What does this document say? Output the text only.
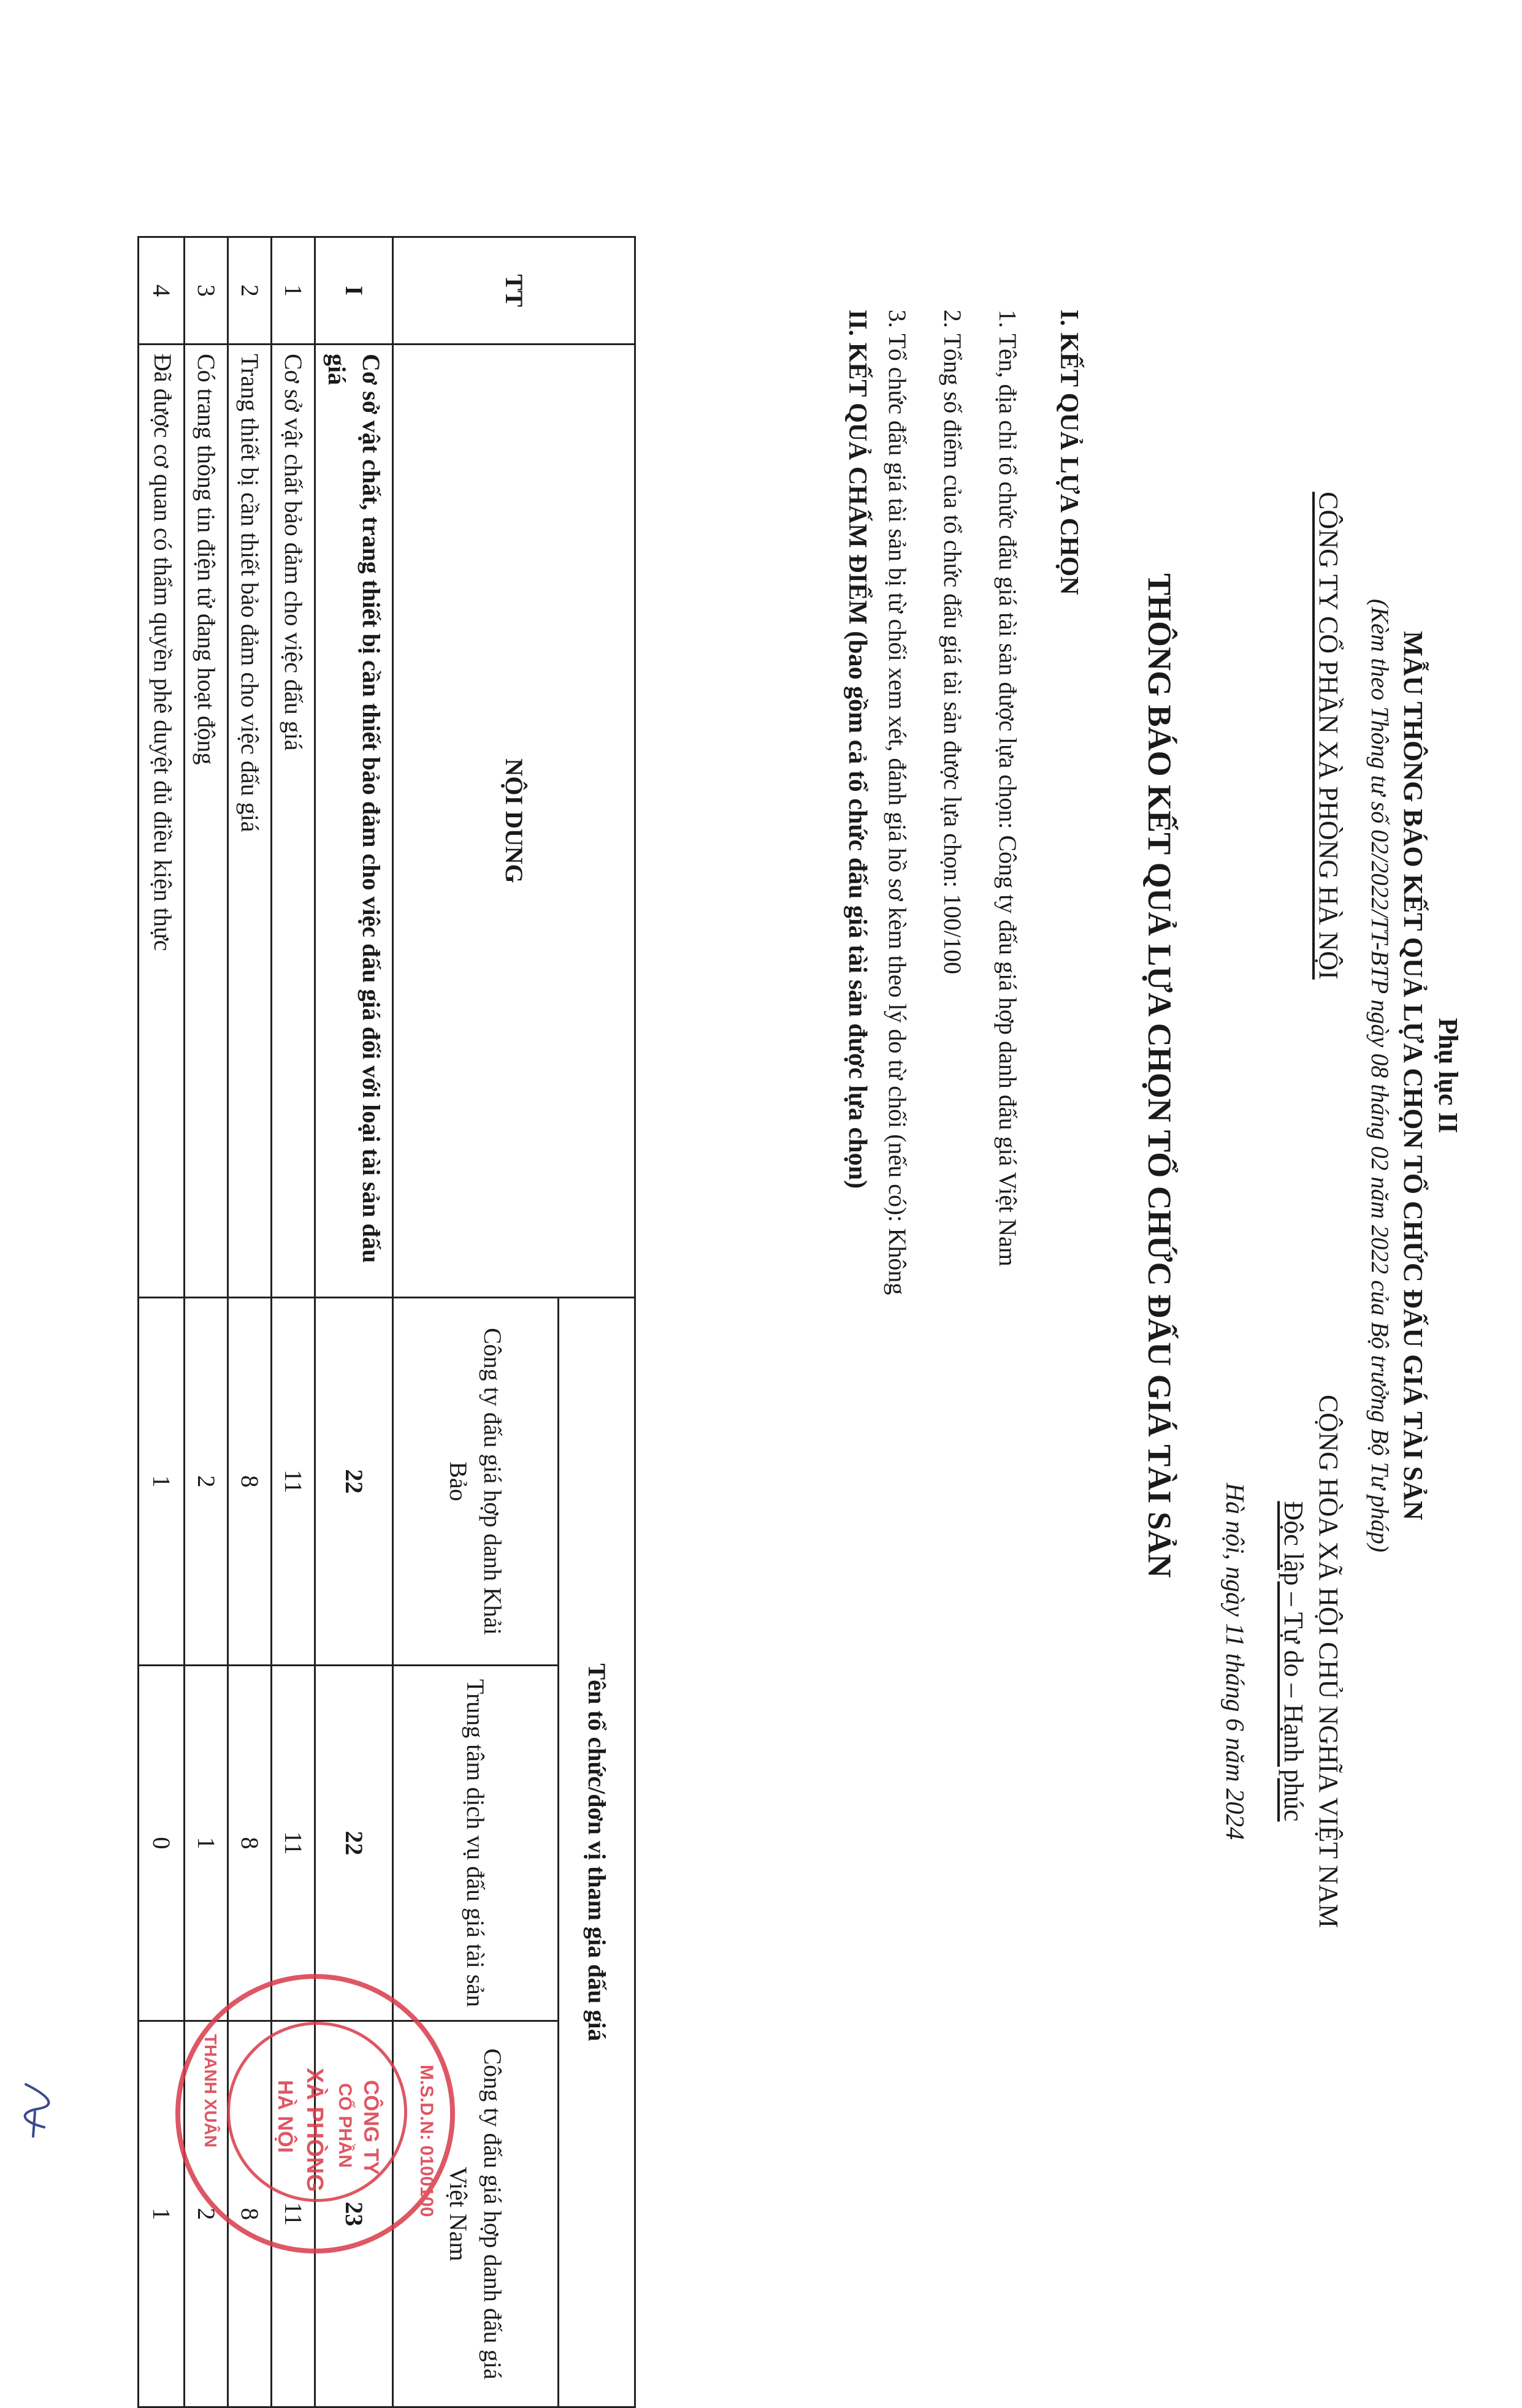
Phụ lục II
MẪU THÔNG BÁO KẾT QUẢ LỰA CHỌN TỔ CHỨC ĐẤU GIÁ TÀI SẢN
(Kèm theo Thông tư số 02/2022/TT-BTP ngày 08 tháng 02 năm 2022 của Bộ trưởng Bộ Tư pháp)
CÔNG TY CỔ PHẦN XÀ PHÒNG HÀ NỘI
CỘNG HÒA XÃ HỘI CHỦ NGHĨA VIỆT NAM
Độc lập – Tự do – Hạnh phúc
Hà nội, ngày 11 tháng 6 năm 2024
THÔNG BÁO KẾT QUẢ LỰA CHỌN TỔ CHỨC ĐẤU GIÁ TÀI SẢN
I. KẾT QUẢ LỰA CHỌN
1. Tên, địa chỉ tổ chức đấu giá tài sản được lựa chọn: Công ty đấu giá hợp danh đấu giá Việt Nam
2. Tổng số điểm của tổ chức đấu giá tài sản được lựa chọn: 100/100
3. Tổ chức đấu giá tài sản bị từ chối xem xét, đánh giá hồ sơ kèm theo lý do từ chối (nếu có): Không
II. KẾT QUẢ CHẤM ĐIỂM (bao gồm cả tổ chức đấu giá tài sản được lựa chọn)
TT	NỘI DUNG	Tên tổ chức/đơn vị tham gia đấu giá		
		Công ty đấu giá hợp danh Khải Bảo	Trung tâm dịch vụ đấu giá tài sản	Công ty đấu giá hợp danh đấu giá Việt Nam
I	Cơ sở vật chất, trang thiết bị cần thiết bảo đảm cho việc đấu giá đối với loại tài sản đấu giá	22	22	23
1	Cơ sở vật chất bảo đảm cho việc đấu giá	11	11	11
2	Trang thiết bị cần thiết bảo đảm cho việc đấu giá	8	8	8
3	Có trang thông tin điện tử đang hoạt động	2	1	2
4	Đã được cơ quan có thẩm quyền phê duyệt đủ điều kiện thực	1	0	1	M.S.D.N: 0100100
CÔNG TY
CỔ PHẦN
XÀ PHÒNG
HÀ NỘI
THANH XUÂN
